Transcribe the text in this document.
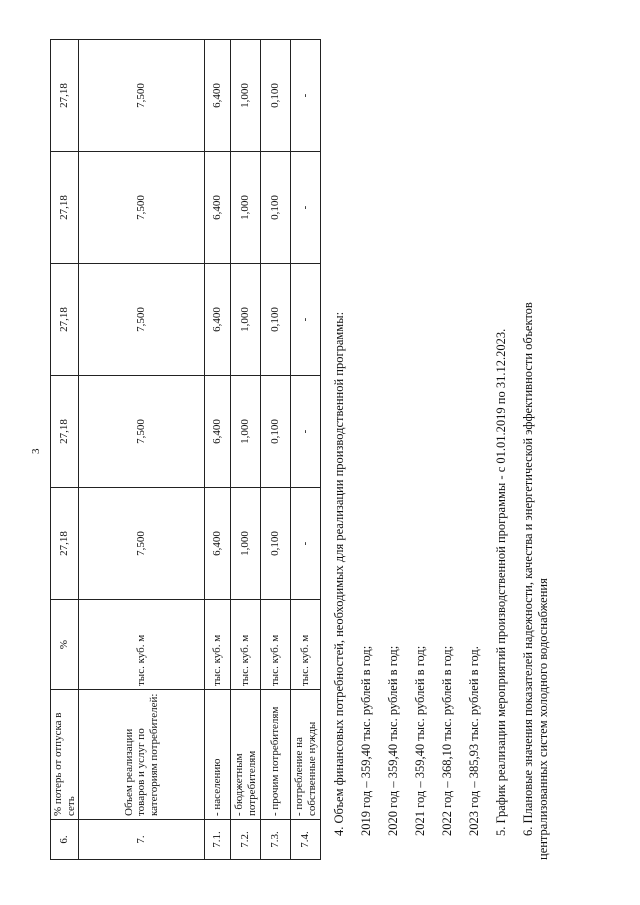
3
6.	% потерь от отпуска в сеть	%	27,18	27,18	27,18	27,18	27,18
7.	Объем реализации товаров и услуг по категориям потребителей:	тыс. куб. м	7,500	7,500	7,500	7,500	7,500
7.1.	- населению	тыс. куб. м	6,400	6,400	6,400	6,400	6,400
7.2.	- бюджетным потребителям	тыс. куб. м	1,000	1,000	1,000	1,000	1,000
7.3.	- прочим потребителям	тыс. куб. м	0,100	0,100	0,100	0,100	0,100
7.4.	- потребление на собственные нужды	тыс. куб. м	-	-	-	-	-

4. Объем финансовых потребностей, необходимых для реализации производственной программы: 2019 год – 359,40 тыс. рублей в год; 2020 год – 359,40 тыс. рублей в год; 2021 год – 359,40 тыс. рублей в год; 2022 год – 368,10 тыс. рублей в год; 2023 год – 385,93 тыс. рублей в год. 5. График реализации мероприятий производственной программы - с 01.01.2019 по 31.12.2023. 6. Плановые значения показателей надежности, качества и энергетической эффективности объектов централизованных систем холодного водоснабжения
